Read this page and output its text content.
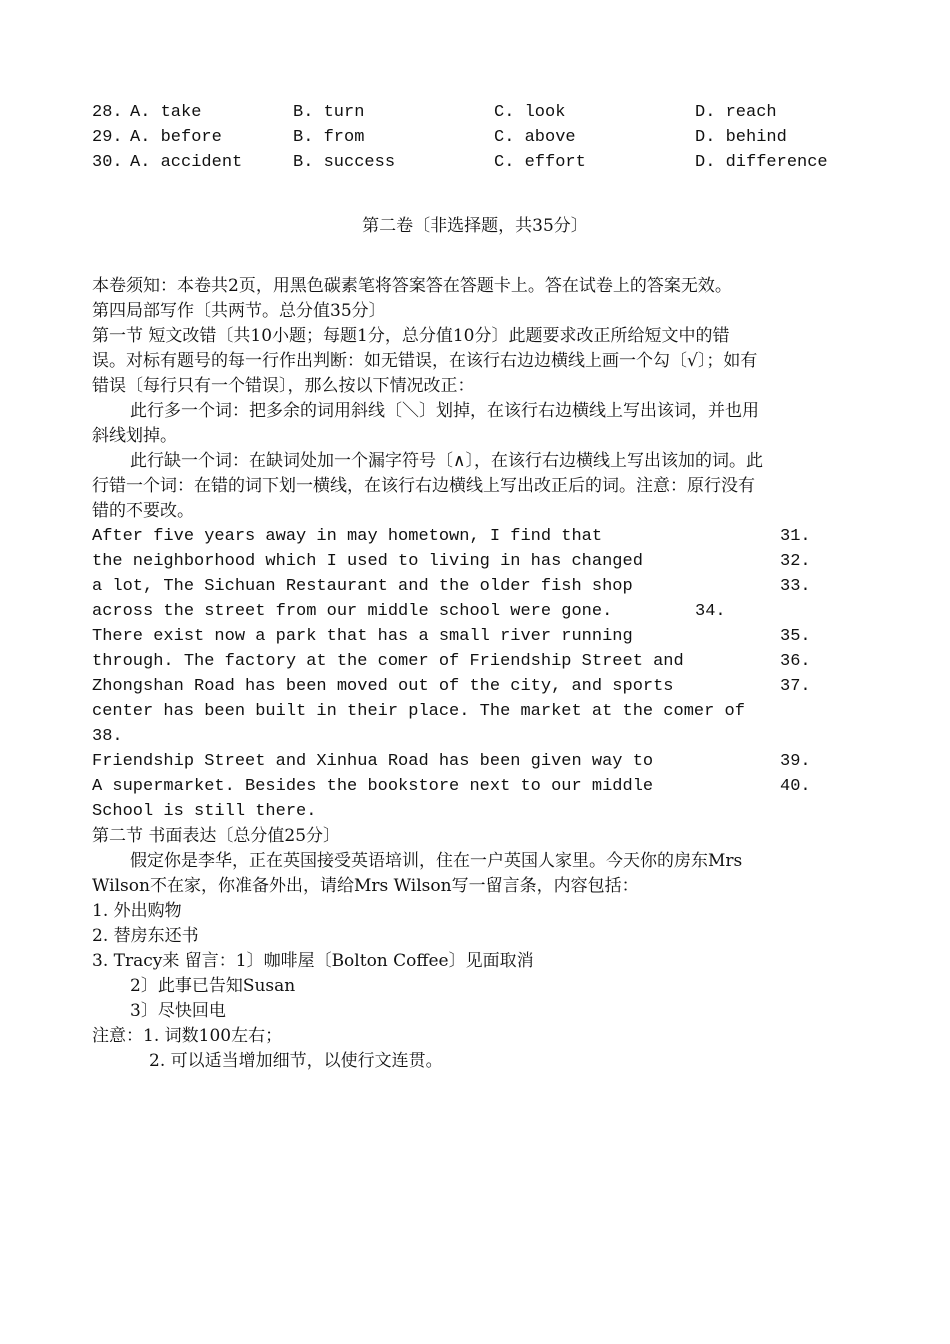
28. A. take	B. turn	C. look	D. reach
29. A. before	B. from	C. above	D. behind
30. A. accident	B. success	C. effort	D. difference
第二卷〔非选择题，共35分〕
本卷须知：本卷共2页，用黑色碳素笔将答案答在答题卡上。答在试卷上的答案无效。
第四局部写作〔共两节。总分值35分〕
第一节 短文改错〔共10小题；每题1分，总分值10分〕此题要求改正所给短文中的错
误。对标有题号的每一行作出判断：如无错误，在该行右边边横线上画一个勾〔√〕；如有
错误〔每行只有一个错误〕，那么按以下情况改正：
此行多一个词：把多余的词用斜线〔＼〕划掉，在该行右边横线上写出该词，并也用
斜线划掉。
此行缺一个词：在缺词处加一个漏字符号〔∧〕，在该行右边横线上写出该加的词。此
行错一个词：在错的词下划一横线，在该行右边横线上写出改正后的词。注意：原行没有
错的不要改。
After five years away in may hometown, I find that	31.
the neighborhood which I used to living in has changed	32.
a lot, The Sichuan Restaurant and the older fish shop	33.
across the street from our middle school were gone.	34.
There exist now a park that has a small river running	35.
through. The factory at the comer of Friendship Street and	36.
Zhongshan Road has been moved out of the city, and sports	37.
center has been built in their place. The market at the comer of
38.
Friendship Street and Xinhua Road has been given way to	39.
A supermarket. Besides the bookstore next to our middle	40.
School is still there.
第二节 书面表达〔总分值25分〕
假定你是李华，正在英国接受英语培训，住在一户英国人家里。今天你的房东Mrs
Wilson不在家，你准备外出，请给Mrs Wilson写一留言条，内容包括：
1. 外出购物
2. 替房东还书
3. Tracy来 留言：1〕咖啡屋〔Bolton Coffee〕见面取消
2〕此事已告知Susan
3〕尽快回电
注意：1. 词数100左右；
2. 可以适当增加细节，以使行文连贯。
